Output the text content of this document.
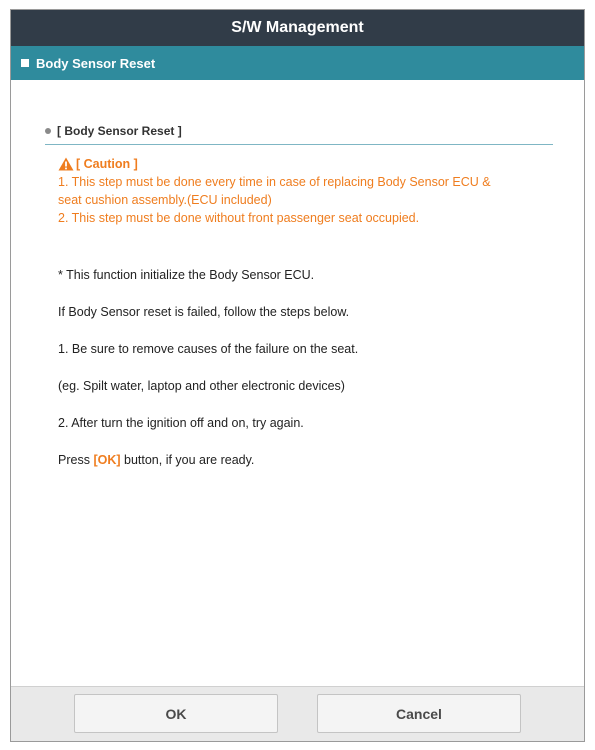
S/W Management
Body Sensor Reset
[ Body Sensor Reset ]
[ Caution ]
1. This step must be done every time in case of replacing Body Sensor ECU &
seat cushion assembly.(ECU included)
2. This step must be done without front passenger seat occupied.

* This function initialize the Body Sensor ECU.

If Body Sensor reset is failed, follow the steps below.

1. Be sure to remove causes of the failure on the seat.

(eg. Spilt water, laptop and other electronic devices)

2. After turn the ignition off and on, try again.

Press [OK] button, if you are ready.

OK	Cancel
